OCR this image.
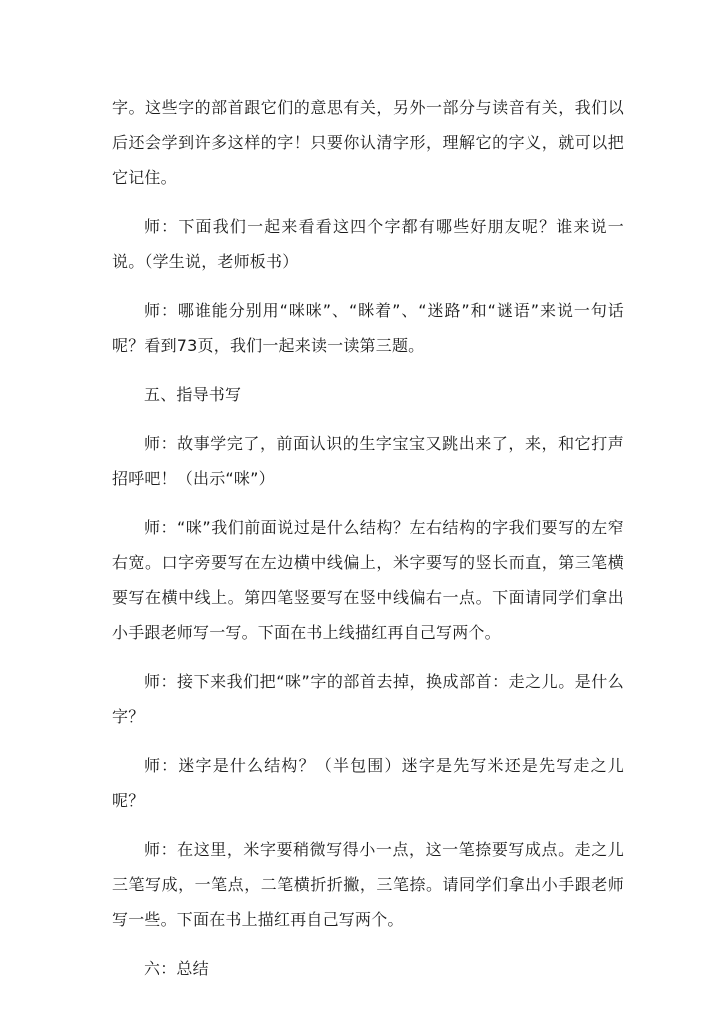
字。这些字的部首跟它们的意思有关，另外一部分与读音有关，我们以后还会学到许多这样的字！只要你认清字形，理解它的字义，就可以把它记住。

师：下面我们一起来看看这四个字都有哪些好朋友呢？谁来说一说。（学生说，老师板书）

师：哪谁能分别用“咪咪”、“眯着”、“迷路”和“谜语”来说一句话呢？看到73页，我们一起来读一读第三题。

五、指导书写

师：故事学完了，前面认识的生字宝宝又跳出来了，来，和它打声招呼吧！（出示“咪”）

师：“咪”我们前面说过是什么结构？左右结构的字我们要写的左窄右宽。口字旁要写在左边横中线偏上，米字要写的竖长而直，第三笔横要写在横中线上。第四笔竖要写在竖中线偏右一点。下面请同学们拿出小手跟老师写一写。下面在书上线描红再自己写两个。

师：接下来我们把“咪”字的部首去掉，换成部首：走之儿。是什么字？

师：迷字是什么结构？（半包围）迷字是先写米还是先写走之儿呢？

师：在这里，米字要稍微写得小一点，这一笔捺要写成点。走之儿三笔写成，一笔点，二笔横折折撇，三笔捺。请同学们拿出小手跟老师写一些。下面在书上描红再自己写两个。

六：总结
